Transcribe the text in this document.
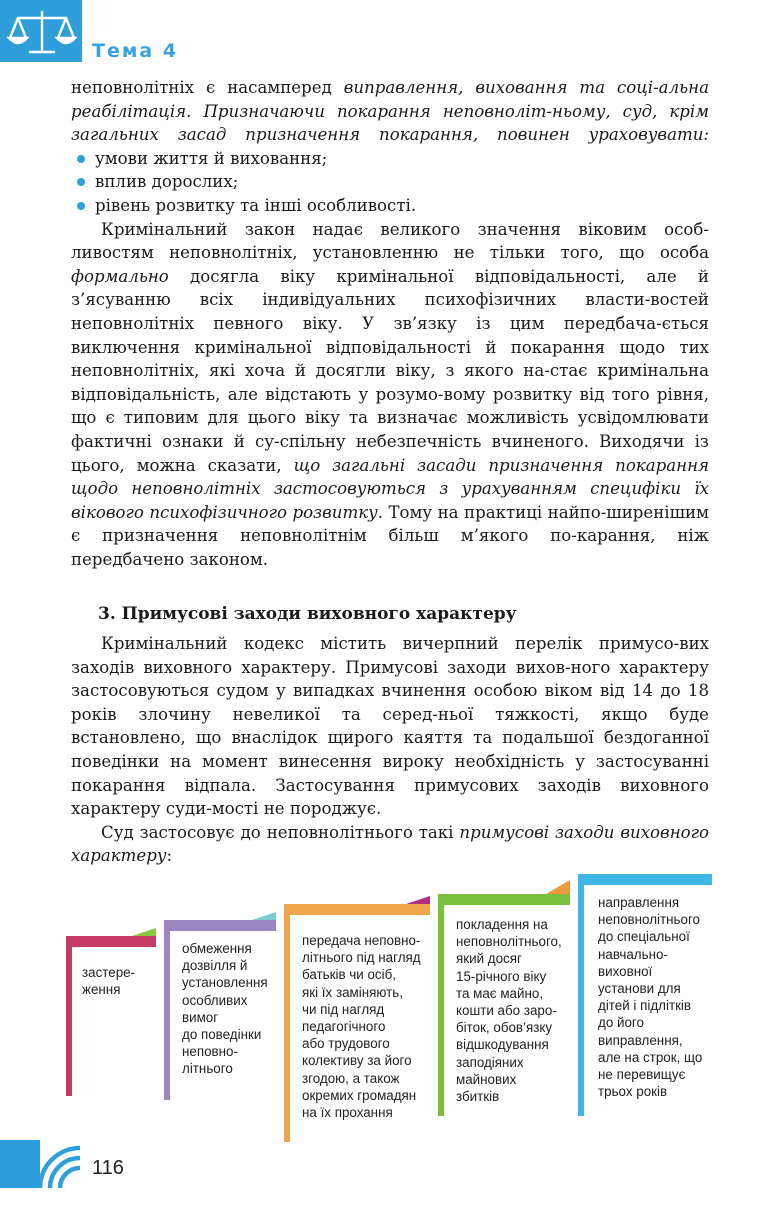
Тема 4

неповнолітніх є насамперед виправлення, виховання та соці-альна реабілітація. Призначаючи покарання неповноліт-ньому, суд, крім загальних засад призначення покарання, повинен ураховувати:

умови життя й виховання;
вплив дорослих;
рівень розвитку та інші особливості.

Кримінальний закон надає великого значення віковим особ-ливостям неповнолітніх, установленню не тільки того, що особа формально досягла віку кримінальної відповідальності, але й з’ясуванню всіх індивідуальних психофізичних власти-востей неповнолітніх певного віку. У зв’язку із цим передбача-ється виключення кримінальної відповідальності й покарання щодо тих неповнолітніх, які хоча й досягли віку, з якого на-стає кримінальна відповідальність, але відстають у розумо-вому розвитку від того рівня, що є типовим для цього віку та визначає можливість усвідомлювати фактичні ознаки й су-спільну небезпечність вчиненого. Виходячи із цього, можна сказати, що загальні засади призначення покарання щодо неповнолітніх застосовуються з урахуванням специфіки їх вікового психофізичного розвитку. Тому на практиці найпо-ширенішим є призначення неповнолітнім більш м’якого по-карання, ніж передбачено законом.

3. Примусові заходи виховного характеру

Кримінальний кодекс містить вичерпний перелік примусо-вих заходів виховного характеру. Примусові заходи вихов-ного характеру застосовуються судом у випадках вчинення особою віком від 14 до 18 років злочину невеликої та серед-ньої тяжкості, якщо буде встановлено, що внаслідок щирого каяття та подальшої бездоганної поведінки на момент винесення вироку необхідність у застосуванні покарання відпала. Застосування примусових заходів виховного характеру суди-мості не породжує.

Суд застосовує до неповнолітнього такі примусові заходи виховного характеру:

застере-
ження
обмеження
дозвілля й
установлення
особливих
вимог
до поведінки
неповно-
літнього
передача неповно-
літнього під нагляд
батьків чи осіб,
які їх заміняють,
чи під нагляд
педагогічного
або трудового
колективу за його
згодою, а також
окремих громадян
на їх прохання
покладення на
неповнолітнього,
який досяг
15-річного віку
та має майно,
кошти або заро-
біток, обов’язку
відшкодування
заподіяних
майнових
збитків
направлення
неповнолітнього
до спеціальної
навчально-
виховної
установи для
дітей і підлітків
до його
виправлення,
але на строк, що
не перевищує
трьох років
116
